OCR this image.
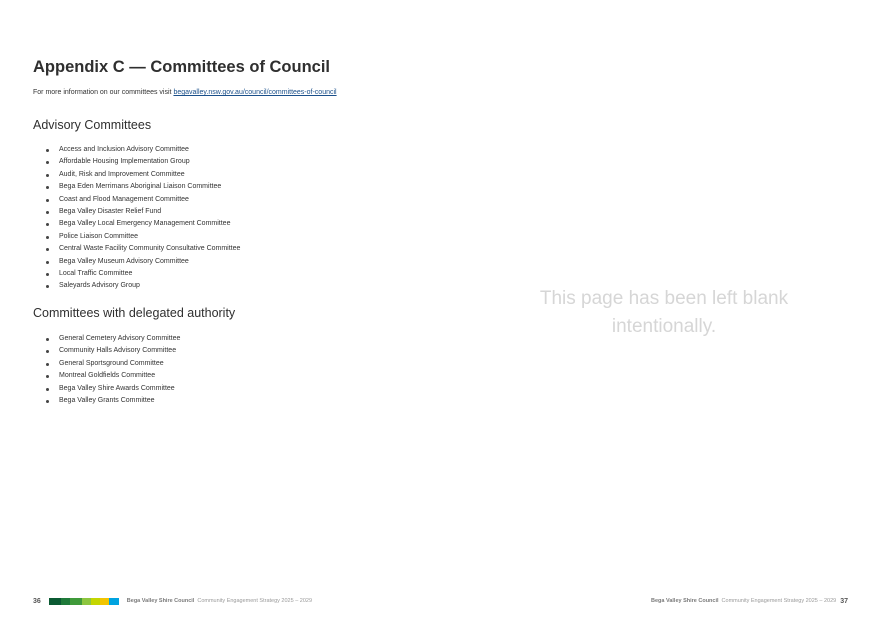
Appendix C — Committees of Council
For more information on our committees visit begavalley.nsw.gov.au/council/committees-of-council
Advisory Committees
Access and Inclusion Advisory Committee
Affordable Housing Implementation Group
Audit, Risk and Improvement Committee
Bega Eden Merrimans Aboriginal Liaison Committee
Coast and Flood Management Committee
Bega Valley Disaster Relief Fund
Bega Valley Local Emergency Management Committee
Police Liaison Committee
Central Waste Facility Community Consultative Committee
Bega Valley Museum Advisory Committee
Local Traffic Committee
Saleyards Advisory Group
Committees with delegated authority
General Cemetery Advisory Committee
Community Halls Advisory Committee
General Sportsground Committee
Montreal Goldfields Committee
Bega Valley Shire Awards Committee
Bega Valley Grants Committee
36	Bega Valley Shire Council Community Engagement Strategy 2025 – 2029
This page has been left blank intentionally.
Bega Valley Shire Council Community Engagement Strategy 2025 – 2029 37
